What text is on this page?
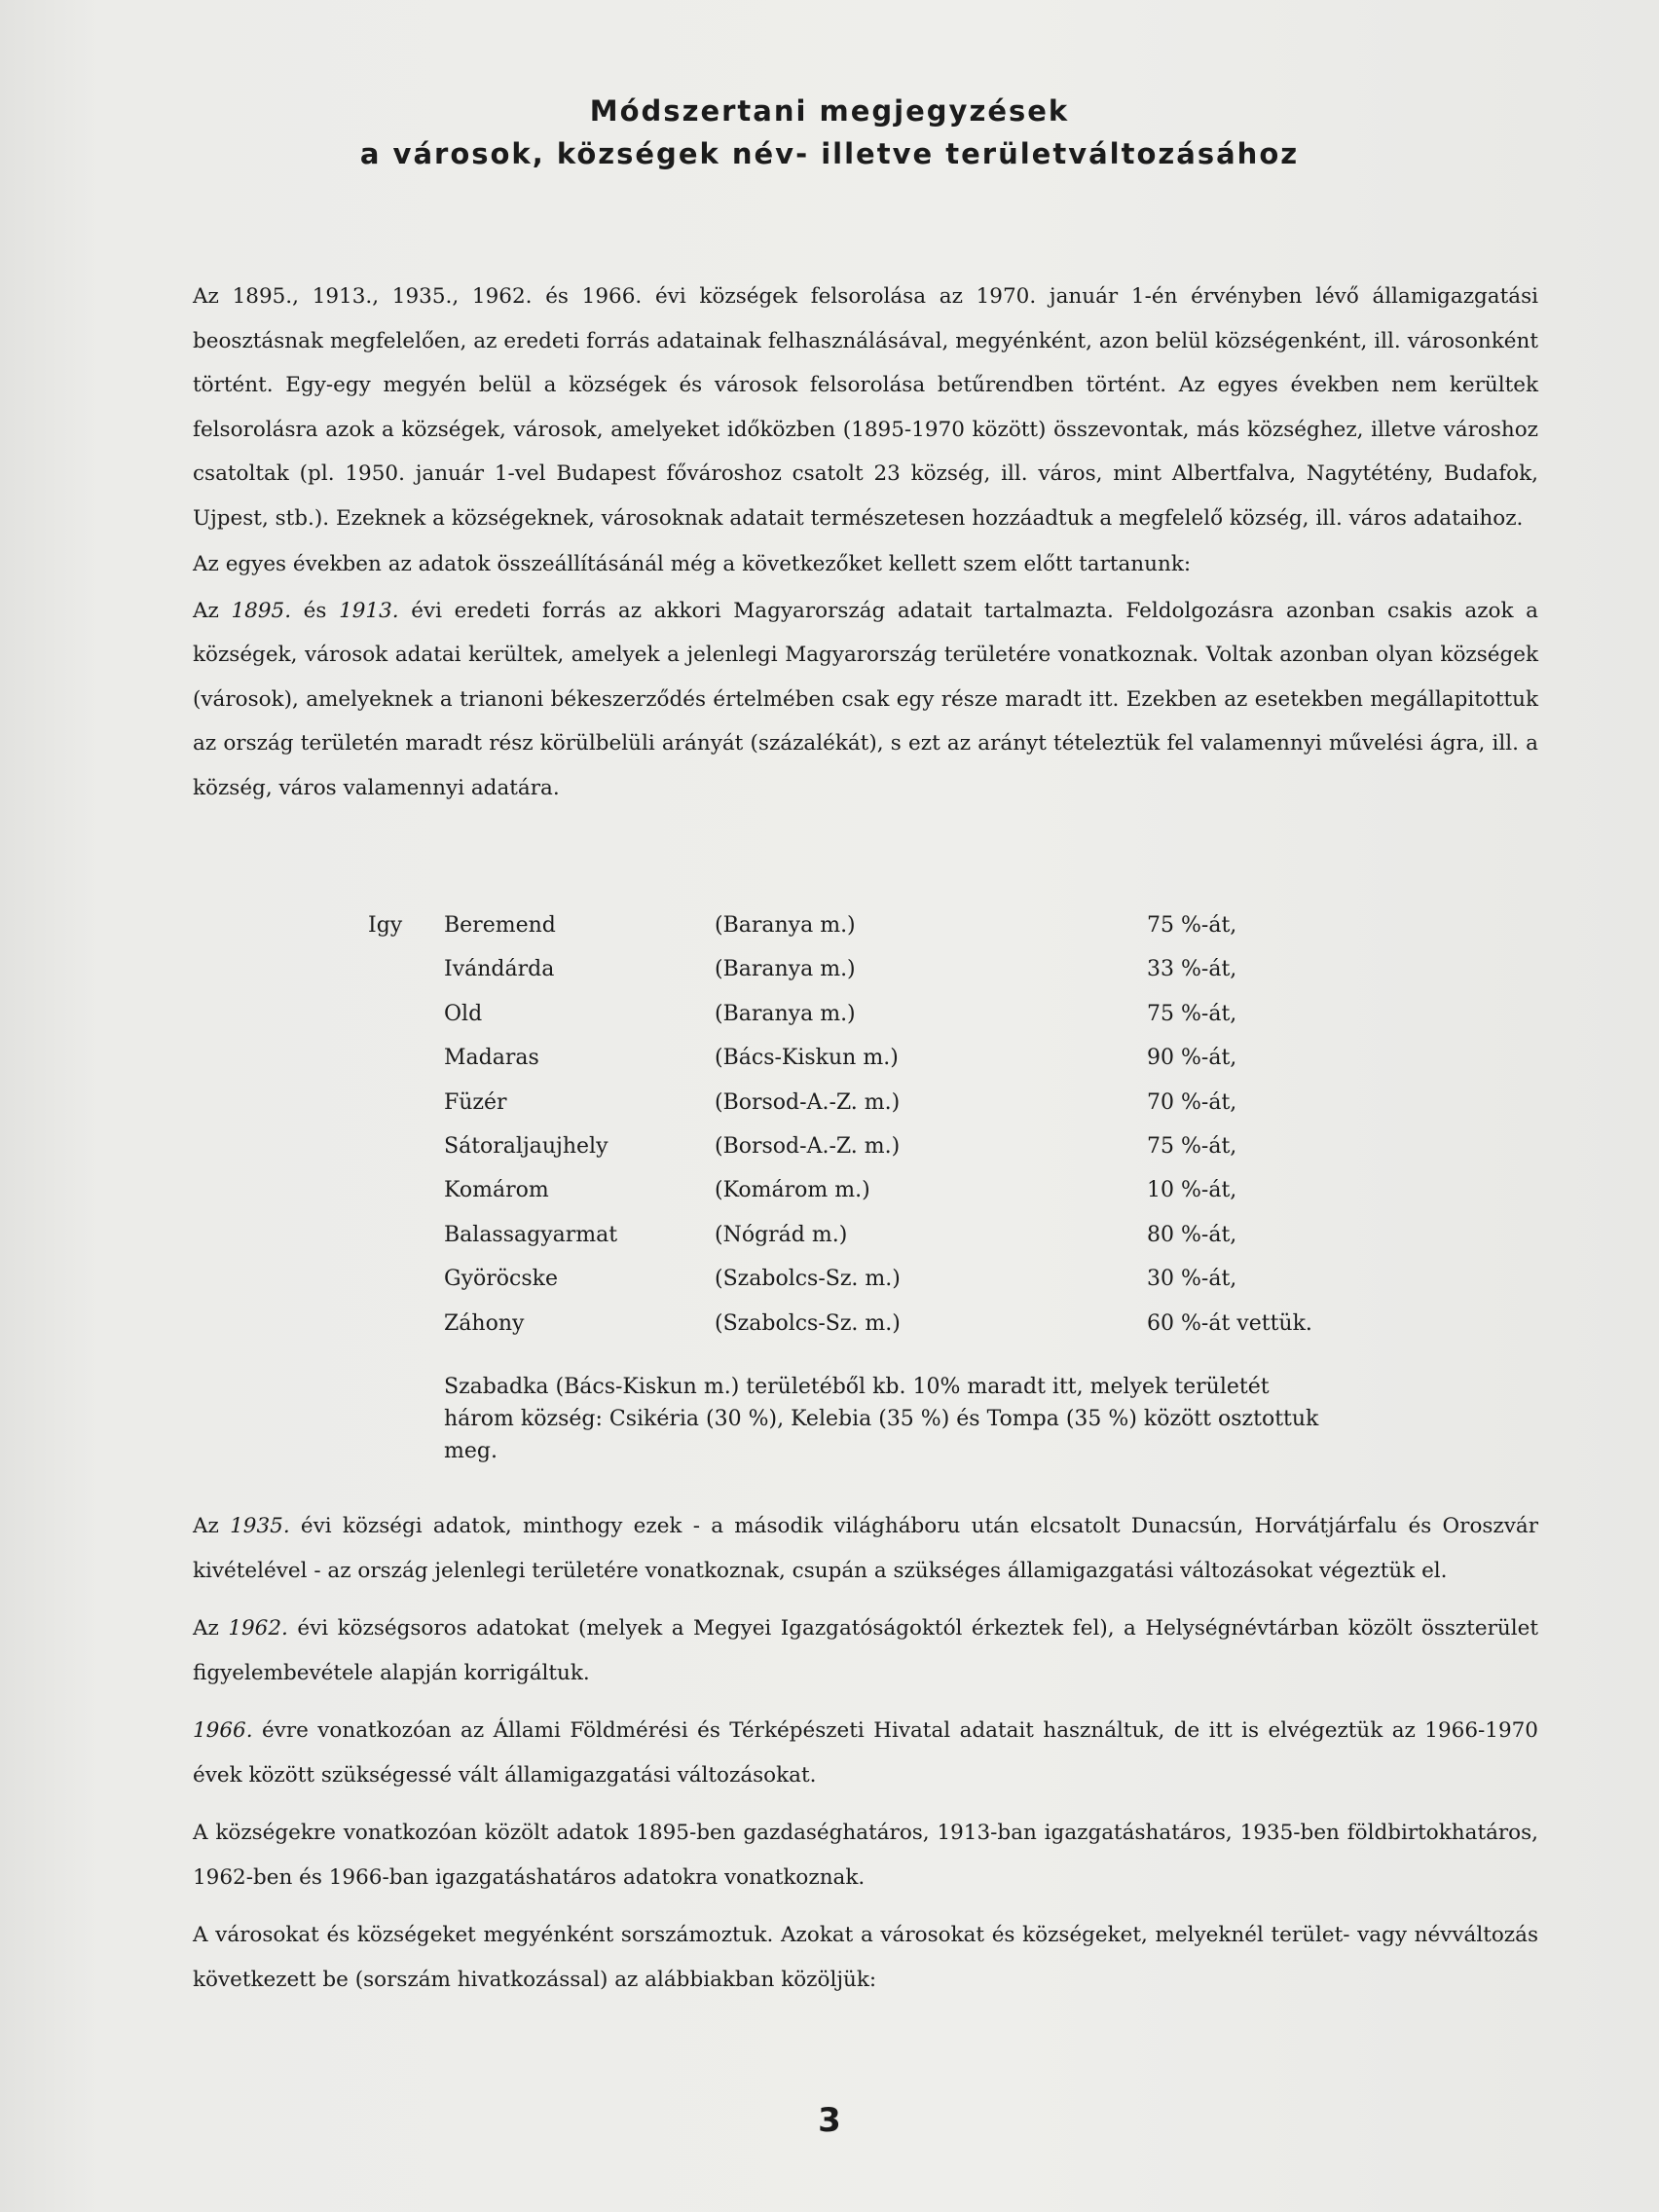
Módszertani megjegyzések
a városok, községek név- illetve területváltozásához

Az 1895., 1913., 1935., 1962. és 1966. évi községek felsorolása az 1970. január 1-én érvényben lévő államigazgatási beosztásnak megfelelően, az eredeti forrás adatainak felhasználásával, megyénként, azon belül községenként, ill. városonként történt. Egy-egy megyén belül a községek és városok felsorolása betűrendben történt. Az egyes években nem kerültek felsorolásra azok a községek, városok, amelyeket időközben (1895-1970 között) összevontak, más községhez, illetve városhoz csatoltak (pl. 1950. január 1-vel Budapest fővároshoz csatolt 23 község, ill. város, mint Albertfalva, Nagytétény, Budafok, Ujpest, stb.). Ezeknek a községeknek, városoknak adatait természetesen hozzáadtuk a megfelelő község, ill. város adataihoz.

Az egyes években az adatok összeállításánál még a következőket kellett szem előtt tartanunk:

Az 1895. és 1913. évi eredeti forrás az akkori Magyarország adatait tartalmazta. Feldolgozásra azonban csakis azok a községek, városok adatai kerültek, amelyek a jelenlegi Magyarország területére vonatkoznak. Voltak azonban olyan községek (városok), amelyeknek a trianoni békeszerződés értelmében csak egy része maradt itt. Ezekben az esetekben megállapitottuk az ország területén maradt rész körülbelüli arányát (százalékát), s ezt az arányt tételeztük fel valamennyi művelési ágra, ill. a község, város valamennyi adatára.

Igy Beremend	(Baranya m.)	75 %-át,
Ivándárda	(Baranya m.)	33 %-át,
Old	(Baranya m.)	75 %-át,
Madaras	(Bács-Kiskun m.)	90 %-át,
Füzér	(Borsod-A.-Z. m.)	70 %-át,
Sátoraljaujhely	(Borsod-A.-Z. m.)	75 %-át,
Komárom	(Komárom m.)	10 %-át,
Balassagyarmat	(Nógrád m.)	80 %-át,
Györöcske	(Szabolcs-Sz. m.)	30 %-át,
Záhony	(Szabolcs-Sz. m.)	60 %-át vettük.
Szabadka (Bács-Kiskun m.) területéből kb. 10% maradt itt, melyek területét három község: Csikéria (30 %), Kelebia (35 %) és Tompa (35 %) között osztottuk meg.

Az 1935. évi községi adatok, minthogy ezek - a második világháboru után elcsatolt Dunacsún, Horvátjárfalu és Oroszvár kivételével - az ország jelenlegi területére vonatkoznak, csupán a szükséges államigazgatási változásokat végeztük el.

Az 1962. évi községsoros adatokat (melyek a Megyei Igazgatóságoktól érkeztek fel), a Helységnévtárban közölt összterület figyelembevétele alapján korrigáltuk.

1966. évre vonatkozóan az Állami Földmérési és Térképészeti Hivatal adatait használtuk, de itt is elvégeztük az 1966-1970 évek között szükségessé vált államigazgatási változásokat.

A községekre vonatkozóan közölt adatok 1895-ben gazdaséghatáros, 1913-ban igazgatáshatáros, 1935-ben földbirtokhatáros, 1962-ben és 1966-ban igazgatáshatáros adatokra vonatkoznak.

A városokat és községeket megyénként sorszámoztuk. Azokat a városokat és községeket, melyeknél terület- vagy névváltozás következett be (sorszám hivatkozással) az alábbiakban közöljük:

3
